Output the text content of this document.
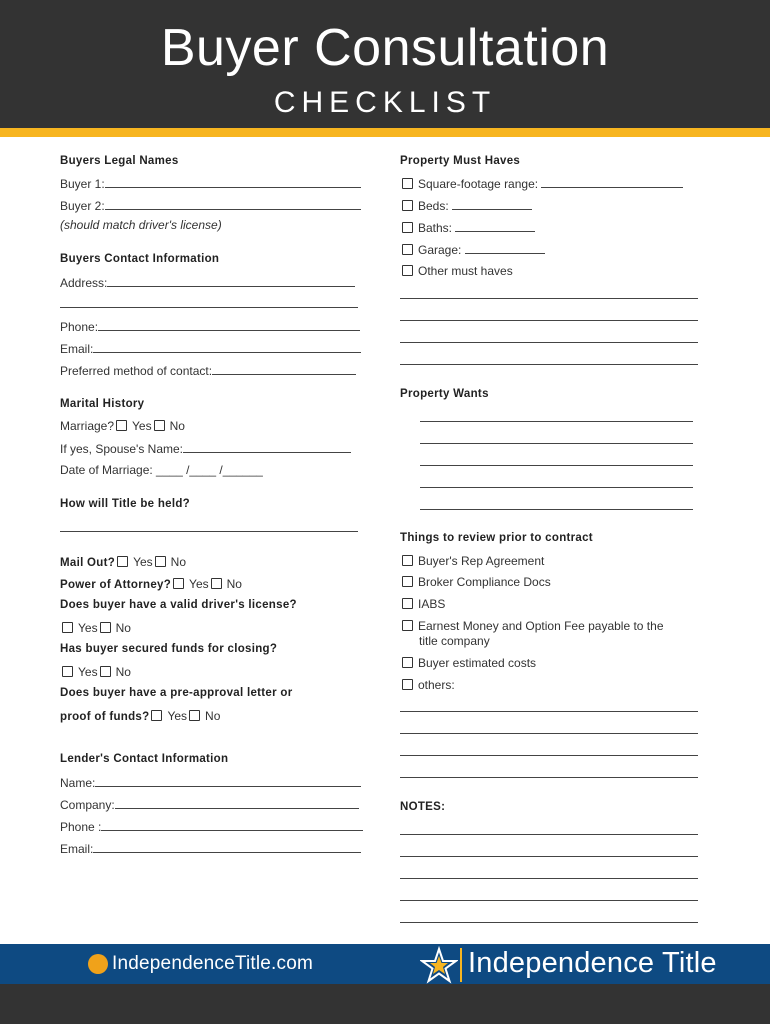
Buyer Consultation
CHECKLIST
Buyers Legal Names
Buyer 1:
Buyer 2:
(should match driver's license)
Buyers Contact Information
Address:
Phone:
Email:
Preferred method of contact:
Marital History
Marriage? Yes No
If yes, Spouse's Name:
Date of Marriage: ____ /____ /______
How will Title be held?
Mail Out? Yes No
Power of Attorney? Yes No
Does buyer have a valid driver's license?
Yes No
Has buyer secured funds for closing?
Yes No
Does buyer have a pre-approval letter or
proof of funds? Yes No
Lender's Contact Information
Name:
Company:
Phone :
Email:
Property Must Haves
Square-footage range:
Beds:
Baths:
Garage:
Other must haves
Property Wants
Things to review prior to contract
Buyer's Rep Agreement
Broker Compliance Docs
IABS
Earnest Money and Option Fee payable to the
title company
Buyer estimated costs
others:
NOTES:
IndependenceTitle.com	Independence Title
